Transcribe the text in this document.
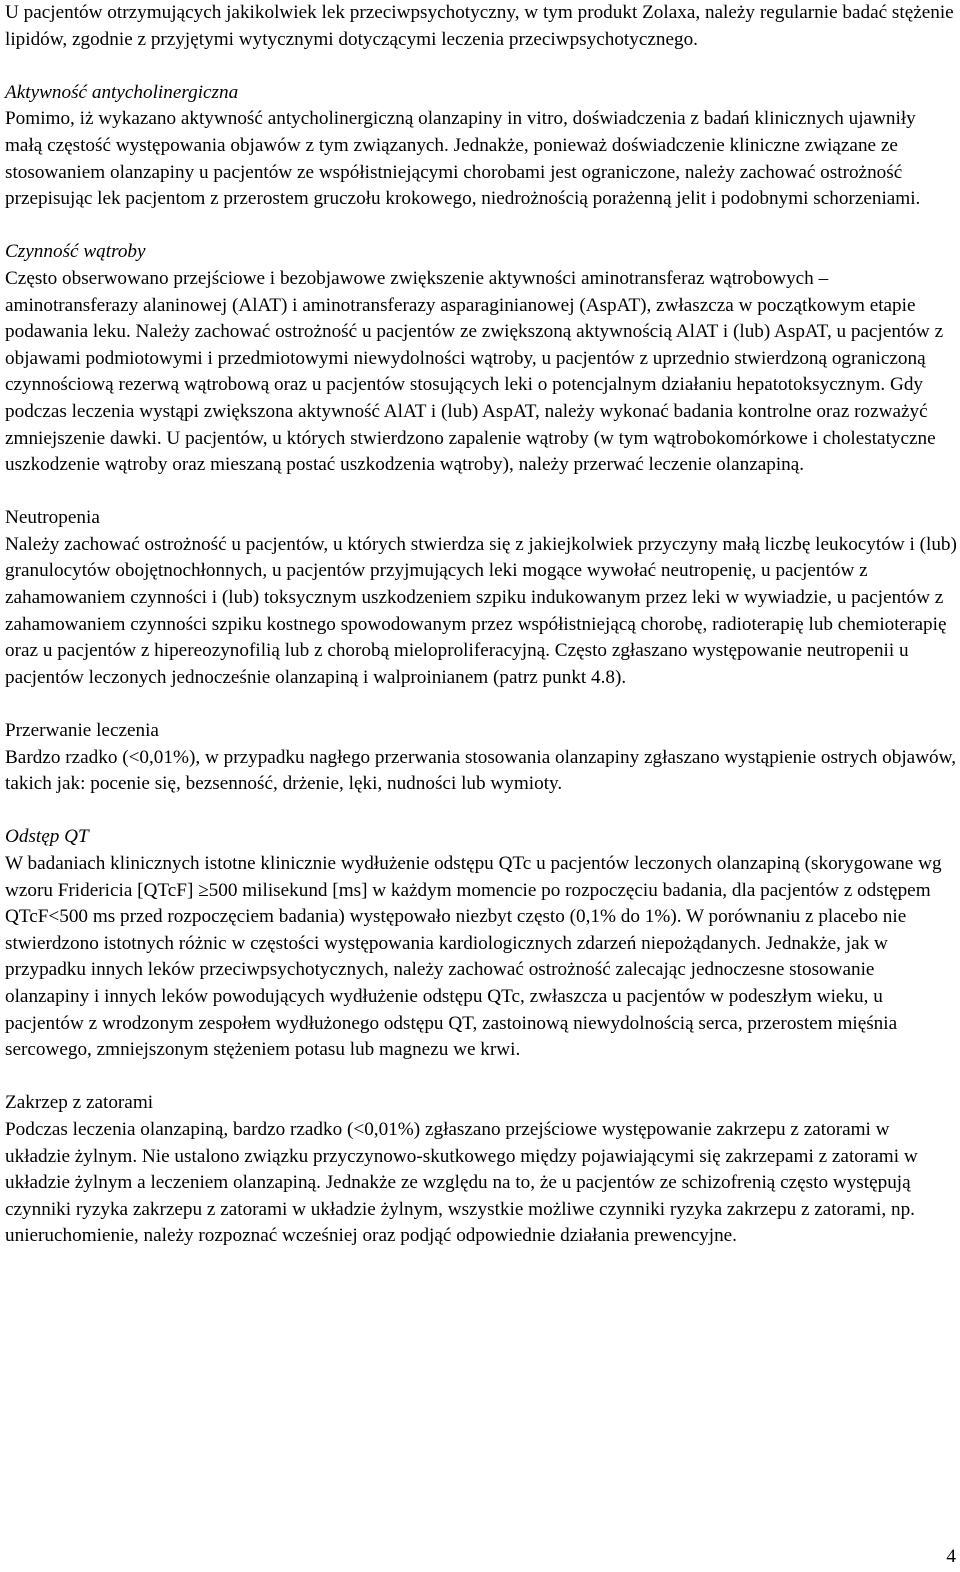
U pacjentów otrzymujących jakikolwiek lek przeciwpsychotyczny, w tym produkt Zolaxa, należy regularnie badać stężenie lipidów, zgodnie z przyjętymi wytycznymi dotyczącymi leczenia przeciwpsychotycznego.

Aktywność antycholinergiczna

Pomimo, iż wykazano aktywność antycholinergiczną olanzapiny in vitro, doświadczenia z badań klinicznych ujawniły małą częstość występowania objawów z tym związanych. Jednakże, ponieważ doświadczenie kliniczne związane ze stosowaniem olanzapiny u pacjentów ze współistniejącymi chorobami jest ograniczone, należy zachować ostrożność przepisując lek pacjentom z przerostem gruczołu krokowego, niedrożnością porażenną jelit i podobnymi schorzeniami.

Czynność wątroby

Często obserwowano przejściowe i bezobjawowe zwiększenie aktywności aminotransferaz wątrobowych – aminotransferazy alaninowej (AlAT) i aminotransferazy asparaginianowej (AspAT), zwłaszcza w początkowym etapie podawania leku. Należy zachować ostrożność u pacjentów ze zwiększoną aktywnością AlAT i (lub) AspAT, u pacjentów z objawami podmiotowymi i przedmiotowymi niewydolności wątroby, u pacjentów z uprzednio stwierdzoną ograniczoną czynnościową rezerwą wątrobową oraz u pacjentów stosujących leki o potencjalnym działaniu hepatotoksycznym. Gdy podczas leczenia wystąpi zwiększona aktywność AlAT i (lub) AspAT, należy wykonać badania kontrolne oraz rozważyć zmniejszenie dawki. U pacjentów, u których stwierdzono zapalenie wątroby (w tym wątrobokomórkowe i cholestatyczne uszkodzenie wątroby oraz mieszaną postać uszkodzenia wątroby), należy przerwać leczenie olanzapiną.

Neutropenia

Należy zachować ostrożność u pacjentów, u których stwierdza się z jakiejkolwiek przyczyny małą liczbę leukocytów i (lub) granulocytów obojętnochłonnych, u pacjentów przyjmujących leki mogące wywołać neutropenię, u pacjentów z zahamowaniem czynności i (lub) toksycznym uszkodzeniem szpiku indukowanym przez leki w wywiadzie, u pacjentów z zahamowaniem czynności szpiku kostnego spowodowanym przez współistniejącą chorobę, radioterapię lub chemioterapię oraz u pacjentów z hipereozynofilią lub z chorobą mieloproliferacyjną. Często zgłaszano występowanie neutropenii u pacjentów leczonych jednocześnie olanzapiną i walproinianem (patrz punkt 4.8).

Przerwanie leczenia

Bardzo rzadko (<0,01%), w przypadku nagłego przerwania stosowania olanzapiny zgłaszano wystąpienie ostrych objawów, takich jak: pocenie się, bezsenność, drżenie, lęki, nudności lub wymioty.

Odstęp QT

W badaniach klinicznych istotne klinicznie wydłużenie odstępu QTc u pacjentów leczonych olanzapiną (skorygowane wg wzoru Fridericia [QTcF] ≥500 milisekund [ms] w każdym momencie po rozpoczęciu badania, dla pacjentów z odstępem QTcF<500 ms przed rozpoczęciem badania) występowało niezbyt często (0,1% do 1%). W porównaniu z placebo nie stwierdzono istotnych różnic w częstości występowania kardiologicznych zdarzeń niepożądanych. Jednakże, jak w przypadku innych leków przeciwpsychotycznych, należy zachować ostrożność zalecając jednoczesne stosowanie olanzapiny i innych leków powodujących wydłużenie odstępu QTc, zwłaszcza u pacjentów w podeszłym wieku, u pacjentów z wrodzonym zespołem wydłużonego odstępu QT, zastoinową niewydolnością serca, przerostem mięśnia sercowego, zmniejszonym stężeniem potasu lub magnezu we krwi.

Zakrzep z zatorami

Podczas leczenia olanzapiną, bardzo rzadko (<0,01%) zgłaszano przejściowe występowanie zakrzepu z zatorami w układzie żylnym. Nie ustalono związku przyczynowo-skutkowego między pojawiającymi się zakrzepami z zatorami w układzie żylnym a leczeniem olanzapiną. Jednakże ze względu na to, że u pacjentów ze schizofrenią często występują czynniki ryzyka zakrzepu z zatorami w układzie żylnym, wszystkie możliwe czynniki ryzyka zakrzepu z zatorami, np. unieruchomienie, należy rozpoznać wcześniej oraz podjąć odpowiednie działania prewencyjne.

4
